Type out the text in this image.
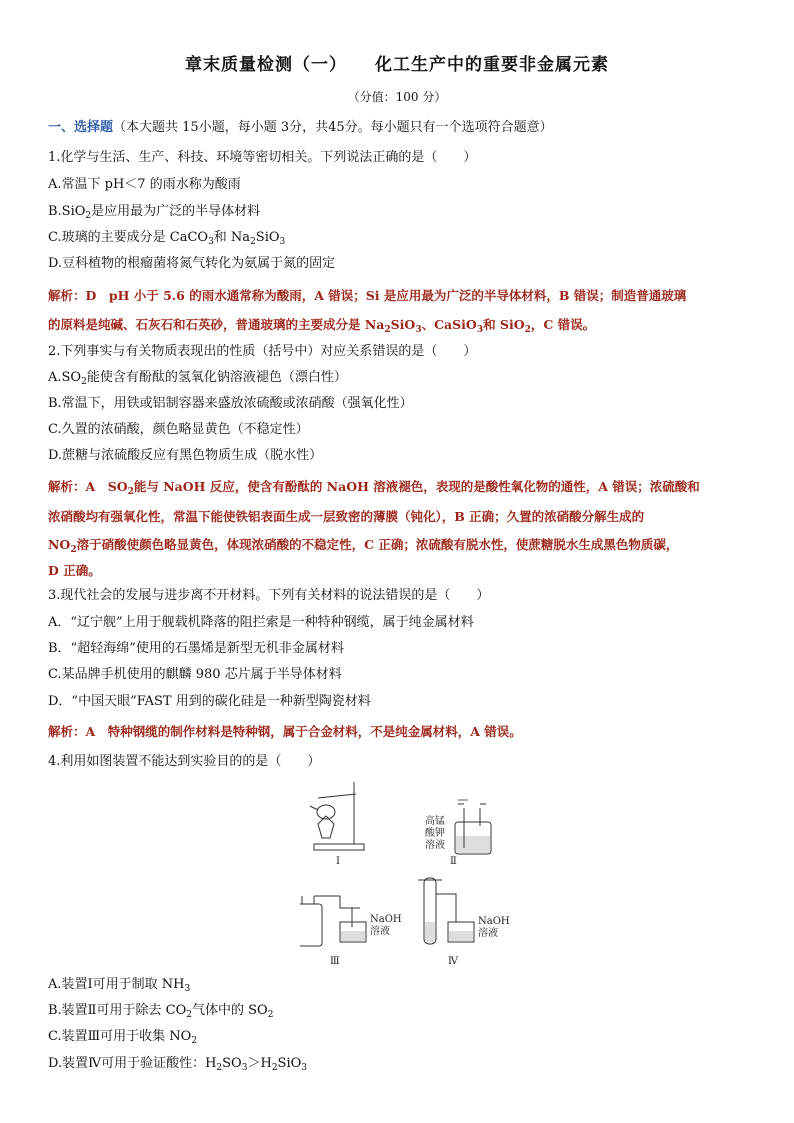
章末质量检测（一） 化工生产中的重要非金属元素
（分值：100 分）
一、选择题（本大题共 15小题，每小题 3分，共45分。每小题只有一个选项符合题意）
1.化学与生活、生产、科技、环境等密切相关。下列说法正确的是（　　）
A.常温下 pH＜7 的雨水称为酸雨
B.SiO$_2$是应用最为广泛的半导体材料
C.玻璃的主要成分是 CaCO$_3$和 $Na_2SiO_3$
D.豆科植物的根瘤菌将氮气转化为氨属于氮的固定
解析：D　pH 小于 5.6 的雨水通常称为酸雨，A 错误；Si 是应用最为广泛的半导体材料，B 错误；制造普通玻璃
的原料是纯碱、石灰石和石英砂，普通玻璃的主要成分是 $Na_2SiO_3$、CaSiO$_3$和 SiO$_2$，C 错误。
2.下列事实与有关物质表现出的性质（括号中）对应关系错误的是（　　）
$A.SO_2$能使含有酚酞的氢氧化钠溶液褪色（漂白性）
B.常温下，用铁或铝制容器来盛放浓硫酸或浓硝酸（强氧化性）
C.久置的浓硝酸，颜色略显黄色（不稳定性）
D.蔗糖与浓硫酸反应有黑色物质生成（脱水性）
解析：A　$SO_2$能与 NaOH 反应，使含有酚酞的 NaOH 溶液褪色，表现的是酸性氧化物的通性，A 错误；浓硫酸和
浓硝酸均有强氧化性，常温下能使铁铝表面生成一层致密的薄膜（钝化），B 正确；久置的浓硝酸分解生成的
$NO_2$溶于硝酸使颜色略显黄色，体现浓硝酸的不稳定性，C 正确；浓硫酸有脱水性，使蔗糖脱水生成黑色物质碳，
D 正确。
3.现代社会的发展与进步离不开材料。下列有关材料的说法错误的是（　　）
A．“辽宁舰”上用于舰载机降落的阻拦索是一种特种钢缆，属于纯金属材料
B．“超轻海绵”使用的石墨烯是新型无机非金属材料
C.某品牌手机使用的麒麟 980 芯片属于半导体材料
D．“中国天眼”FAST 用到的碳化硅是一种新型陶瓷材料
解析：A　特种钢缆的制作材料是特种钢，属于合金材料，不是纯金属材料，A 错误。
4.利用如图装置不能达到实验目的的是（　　）
Ⅰ
高锰
酸钾
溶液
Ⅱ
NaOH
溶液
Ⅲ
NaOH
溶液
Ⅳ
A.装置Ⅰ可用于制取 $NH_3$
B.装置Ⅱ可用于除去 $CO_2$气体中的 $SO_2$
C.装置Ⅲ可用于收集 $NO_2$
D.装置Ⅳ可用于验证酸性：$H_2SO_3>H_2SiO_3$
